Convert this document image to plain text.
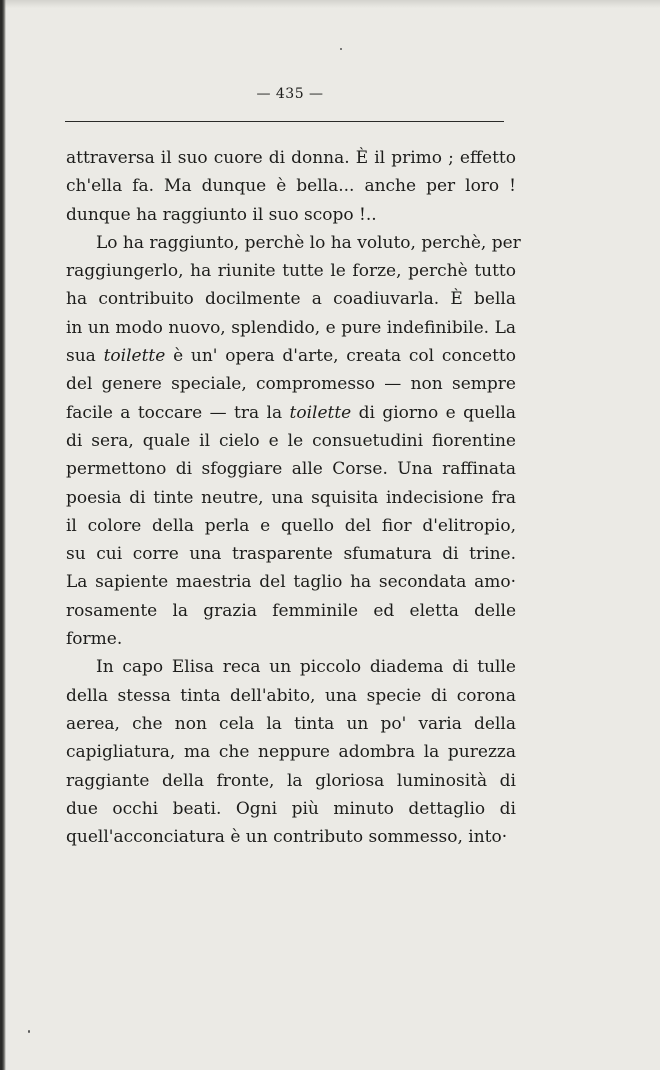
— 435 —
attraversa il suo cuore di donna. È il primo ; effetto
ch'ella fa. Ma dunque è bella... anche per loro !
dunque ha raggiunto il suo scopo !..
Lo ha raggiunto, perchè lo ha voluto, perchè, per
raggiungerlo, ha riunite tutte le forze, perchè tutto
ha contribuito docilmente a coadiuvarla. È bella
in un modo nuovo, splendido, e pure indefinibile. La
sua toilette è un' opera d'arte, creata col concetto
del genere speciale, compromesso — non sempre
facile a toccare — tra la toilette di giorno e quella
di sera, quale il cielo e le consuetudini fiorentine
permettono di sfoggiare alle Corse. Una raffinata
poesia di tinte neutre, una squisita indecisione fra
il colore della perla e quello del fior d'elitropio,
su cui corre una trasparente sfumatura di trine.
La sapiente maestria del taglio ha secondata amo·
rosamente la grazia femminile ed eletta delle
forme.
In capo Elisa reca un piccolo diadema di tulle
della stessa tinta dell'abito, una specie di corona
aerea, che non cela la tinta un po' varia della
capigliatura, ma che neppure adombra la purezza
raggiante della fronte, la gloriosa luminosità di
due occhi beati. Ogni più minuto dettaglio di
quell'acconciatura è un contributo sommesso, into·
